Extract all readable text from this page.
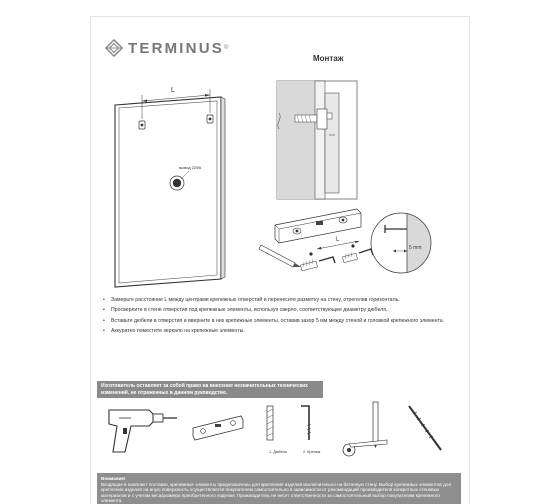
TERMINUS ®
Монтаж
L
вывод 220В
L
5 mm
•	Замерьте расстояние L между центрами крепежных отверстий и перенесите разметку на стену, отрегелив горизонталь.
•	Просверлите в стене отверстия под крепежные элементы, используя сверло, соответствующее диаметру дюбеля.
•	Вставьте дюбели в отверстия и вверните в них крепежные элементы, оставив зазор 5 мм между стеной и головкой крепежного элемента.
•	Аккуратно поместите зеркало на крепежные элементы.
Изготовитель оставляет за собой право на внесение незначительных технических изменений, не отраженных в данном руководстве.
1. Дюбель	2. Крепеж
Внимание!
Входящие в комплект поставки, крепежные элементы предназначены для крепления изделия исключительно на бетонную стену. Выбор крепежных элементов для крепления изделия на иную поверхность осуществляется покупателем самостоятельно в зависимости от рекомендаций производителя конкретных стеновых материалов и с учетом веса/размера приобретенного изделия. Производитель не несет ответственности за самостоятельный выбор покупателем крепежного элемента.
